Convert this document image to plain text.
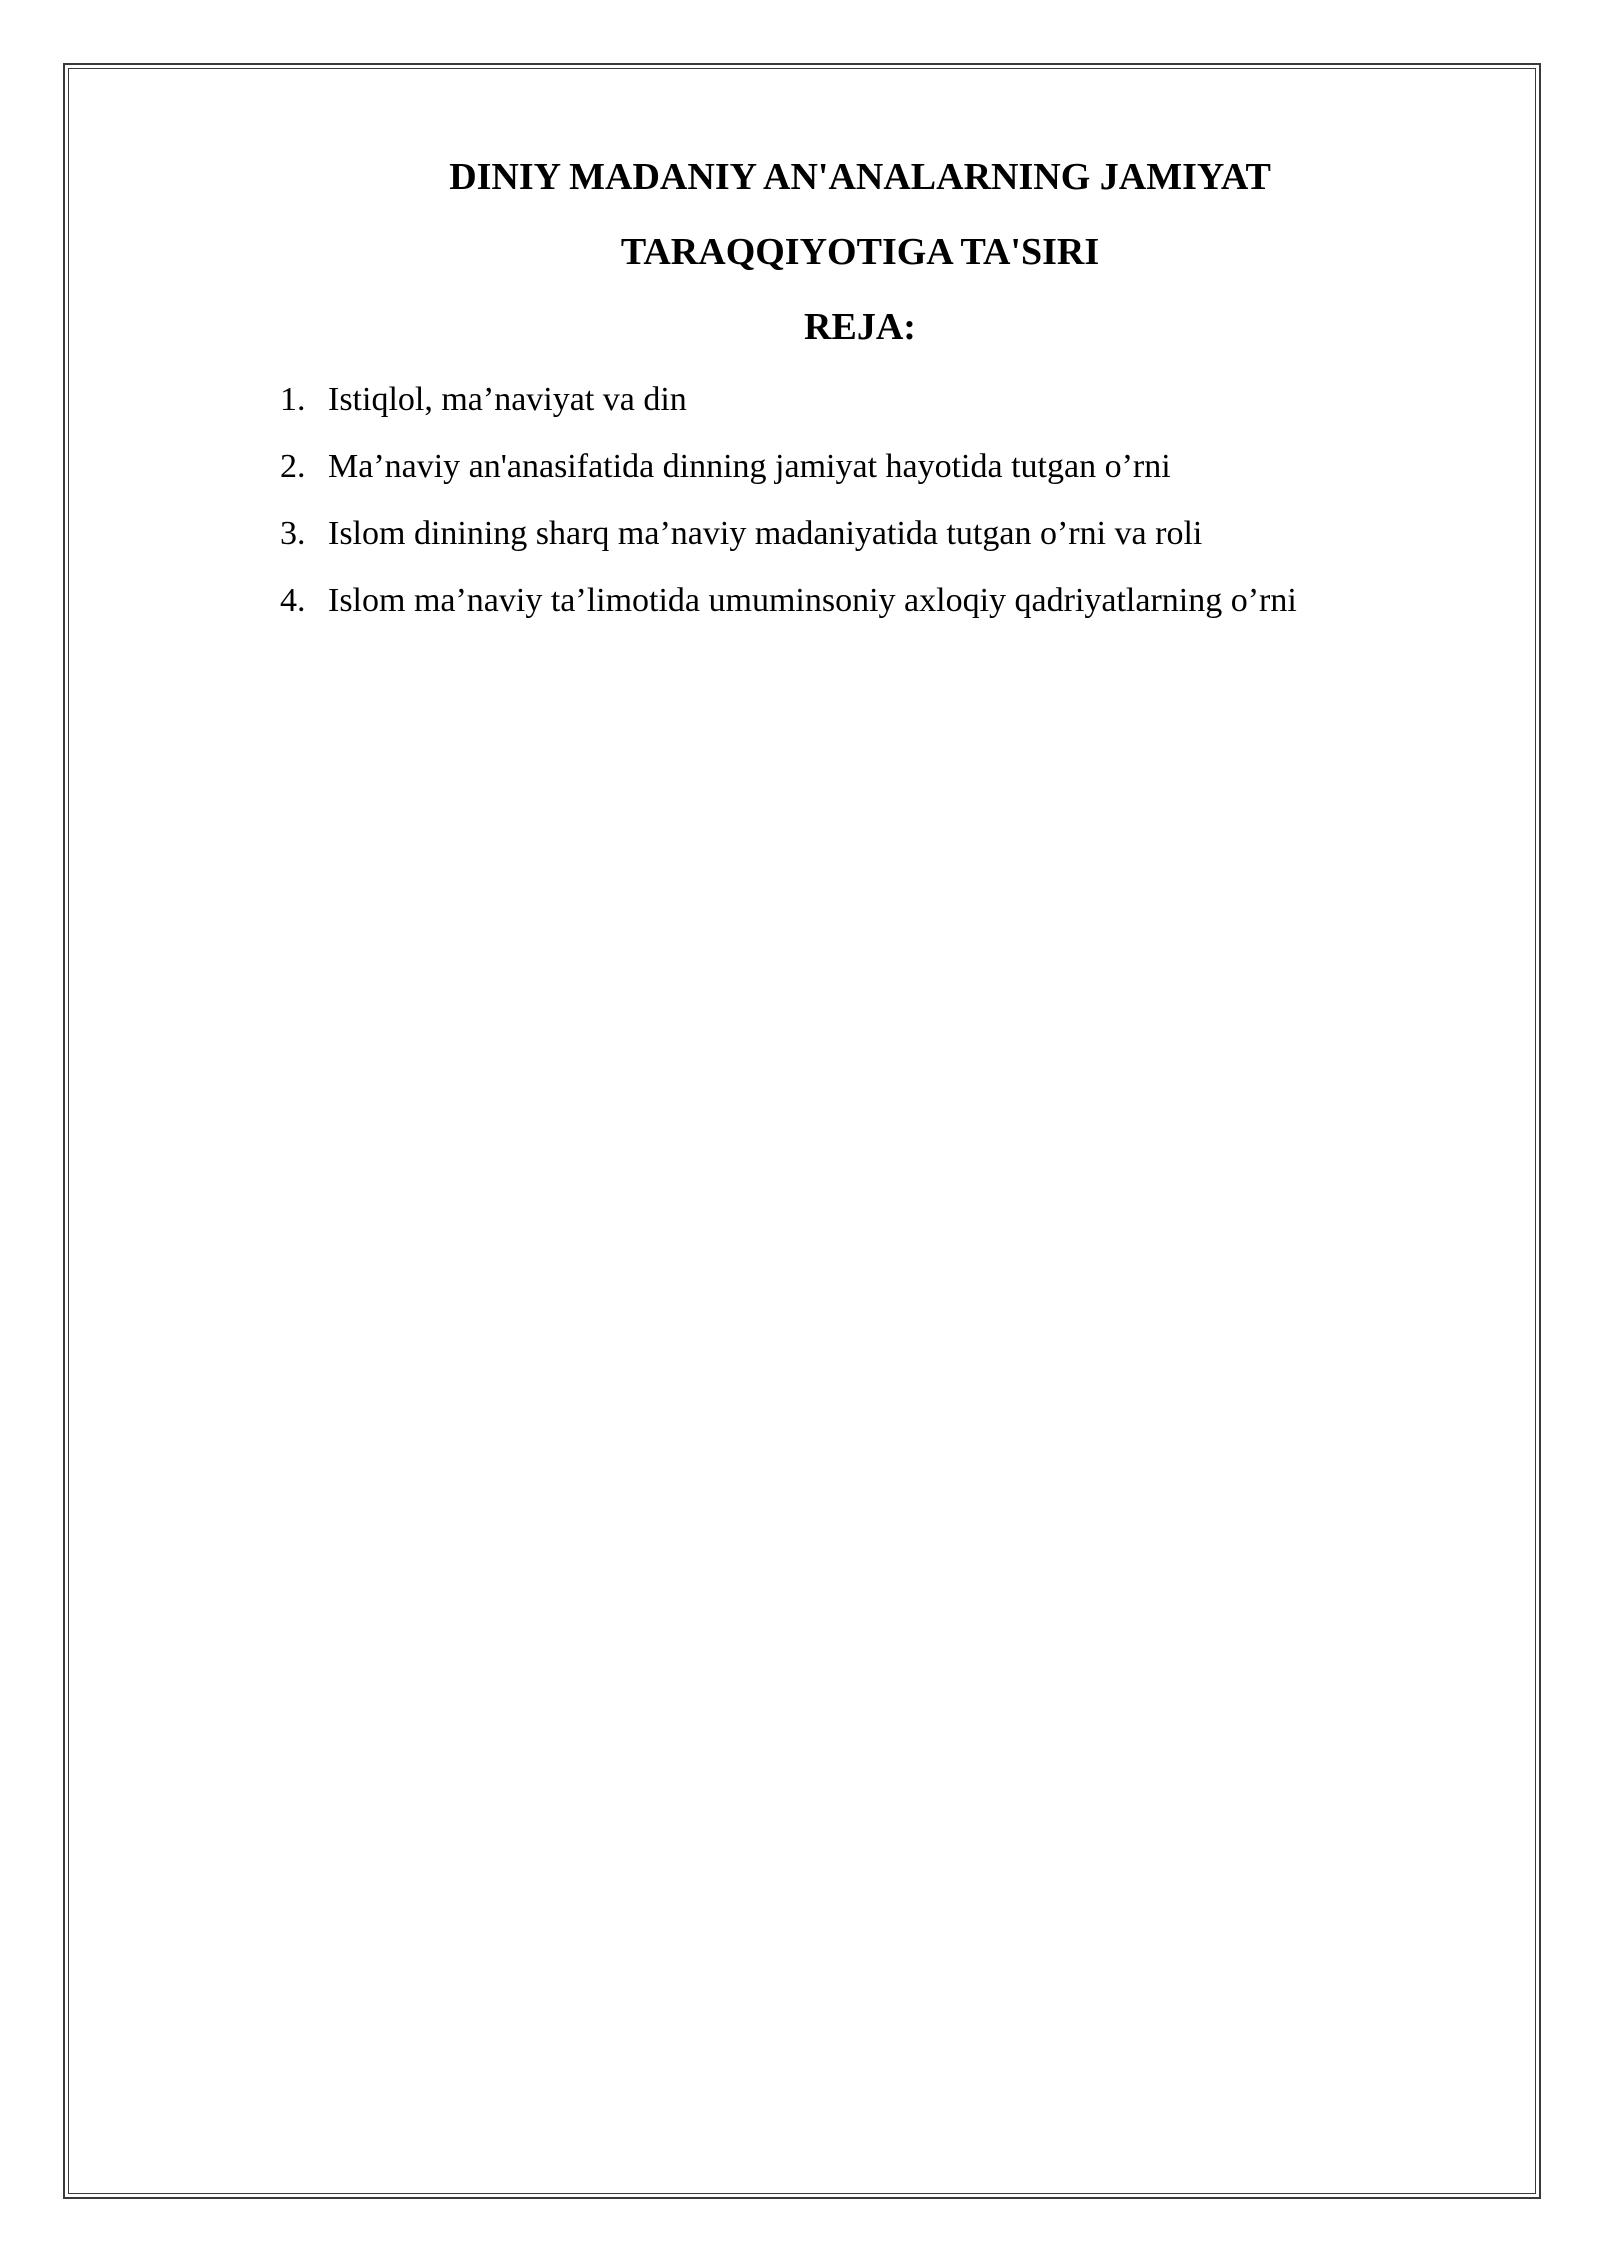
DINIY MADANIY AN'ANALARNING JAMIYAT

TARAQQIYOTIGA TA'SIRI

REJA:

1. Istiqlol, ma’naviyat va din
2. Ma’naviy an'anasifatida dinning jamiyat hayotida tutgan o’rni
3. Islom dinining sharq ma’naviy madaniyatida tutgan o’rni va roli
4. Islom ma’naviy ta’limotida umuminsoniy axloqiy qadriyatlarning o’rni
